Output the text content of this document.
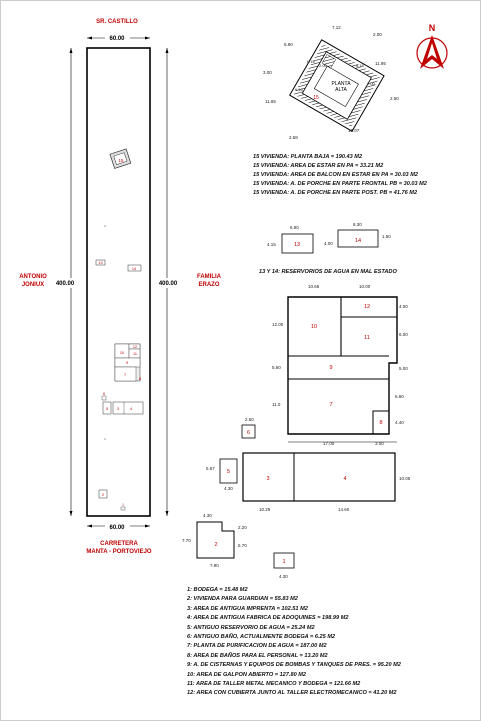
SR. CASTILLO
60.00
400.00	400.00
ANTONIO
JONIUX
FAMILIA
ERAZO
60.00
CARRETERA
MANTA - PORTOVIEJO
15
13
14
12
11
10
9
7
6
5 3	4
8
2
1
N
PLANTA
ALTA
15
7.12
6.80
2.00
3.00
11.95
11.85
2.50
2.58
16.07
6.15
8.18
2.00
6.16
2.00
6.90
8.30
4.15	13	4.00	14
1.50
10.65	10.00
10
12
11
9
7
8
12.00
4.00
6.00
5.60	5.00
6.60
11.0
4.40
17.00	3.00
2.50
6
5.67
5
4.30
3	4
10.25	14.60
10.05
4.30
2
7.70
2.20
5.70
7.90
1
4.30
15 VIVIENDA: PLANTA BAJA = 190.43 M2
15 VIVIENDA: AREA DE ESTAR EN PA = 33.21 M2
15 VIVIENDA: AREA DE BALCON EN ESTAR EN PA = 30.03 M2
15 VIVIENDA: A. DE PORCHE EN PARTE FRONTAL PB = 30.03 M2
15 VIVIENDA: A. DE PORCHE EN PARTE POST. PB = 41.76 M2
13 Y 14: RESERVORIOS DE AGUA EN MAL ESTADO
1: BODEGA = 15.48 M2
2: VIVIENDA PARA GUARDIAN = 55.83 M2
3: AREA DE ANTIGUA IMPRENTA = 102.51 M2
4: AREA DE ANTIGUA FABRICA DE ADOQUINES = 198.99 M2
5: ANTIGUO RESERVORIO DE AGUA = 25.24 M2
6: ANTIGUO BAÑO, ACTUALMENTE BODEGA = 6.25 M2
7: PLANTA DE PURIFICACION DE AGUA = 187.00 M2
8: AREA DE BAÑOS PARA EL PERSONAL = 13.20 M2
9: A. DE CISTERNAS Y EQUIPOS DE BOMBAS Y TANQUES DE PRES. = 95.20 M2
10: AREA DE GALPON ABIERTO = 127.80 M2
11: AREA DE TALLER METAL MECANICO Y BODEGA = 121.66 M2
12: AREA CON CUBIERTA JUNTO AL TALLER ELECTROMECANICO = 41.20 M2
